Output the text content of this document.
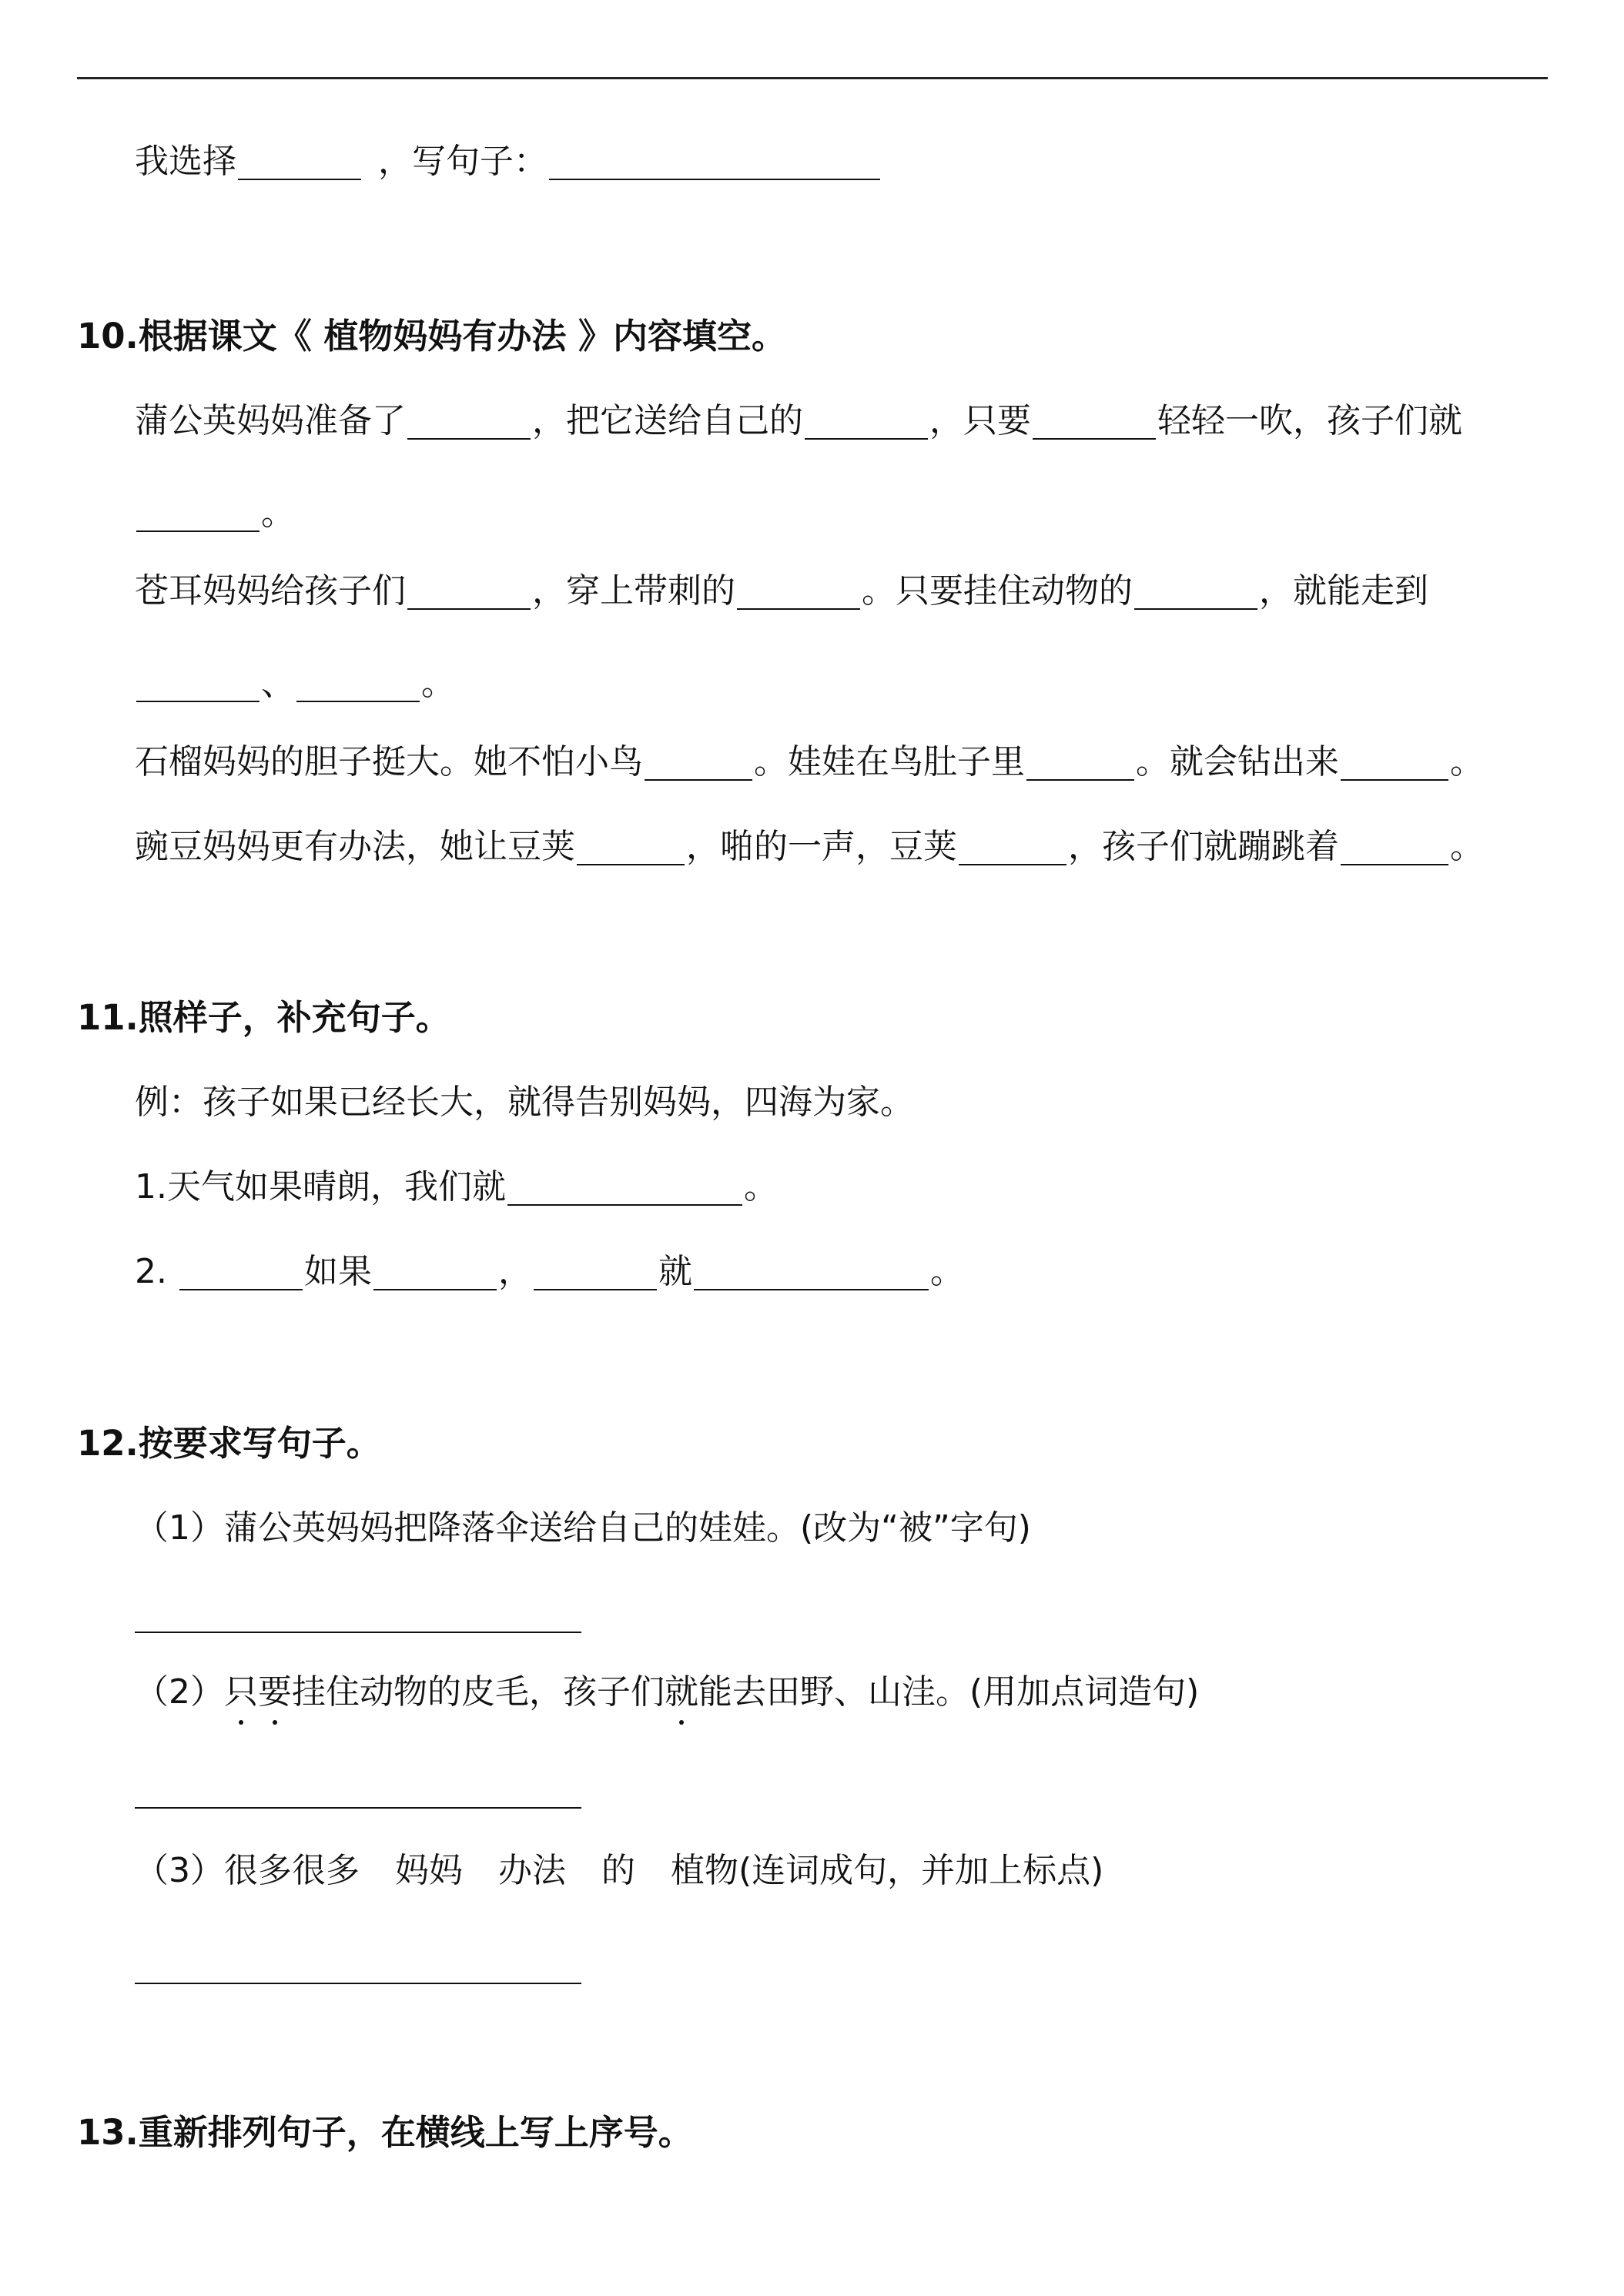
我选择	，写句子：
10.根据课文《 植物妈妈有办法 》内容填空。
蒲公英妈妈准备了	，把它送给自己的	，只要	轻轻一吹，孩子们就
。
苍耳妈妈给孩子们	，穿上带刺的	。只要挂住动物的	，就能走到
、	。
石榴妈妈的胆子挺大。她不怕小鸟	。娃娃在鸟肚子里	。就会钻出来	。
豌豆妈妈更有办法，她让豆荚	，啪的一声，豆荚	，孩子们就蹦跳着	。
11.照样子，补充句子。
例：孩子如果已经长大，就得告别妈妈，四海为家。
1.天气如果晴朗，我们就	。
2.	如果	，	就	。
12.按要求写句子。
（1）蒲公英妈妈把降落伞送给自己的娃娃。(改为“被”字句)
（2） 只 要 挂住动物的皮毛，孩子们 就 能去田野、山洼。(用加点词造句)
（3） 很多很多 妈妈 办法 的 植物(连词成句，并加上标点)
13.重新排列句子，在横线上写上序号。
